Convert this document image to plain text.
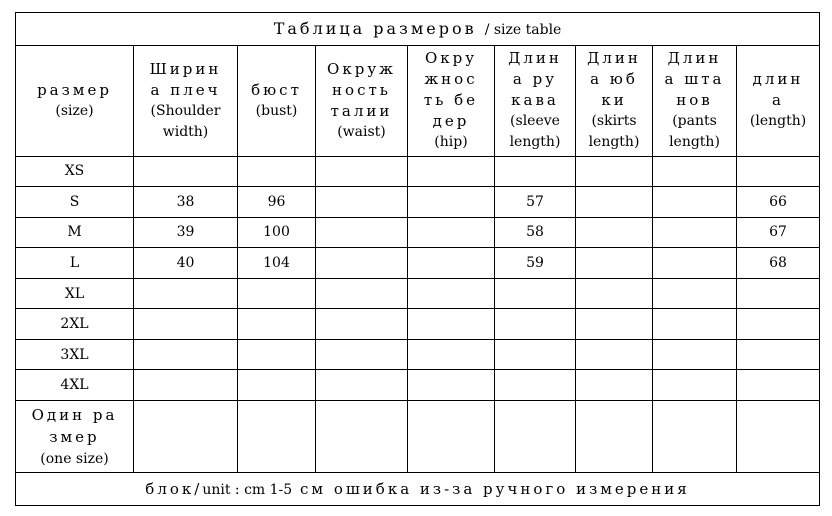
Таблица размеров / size table								

размер
(size)	Ширин
а плеч
(Shoulder
width)	бюст
(bust)	Окруж
ность
талии
(waist)	Окру
жнос
ть бе
дер
(hip)	Длин
а ру
кава
(sleeve
length)	Длин
а юб
ки
(skirts
length)	Длин
а шта
нов
(pants
length)	длин
а
(length)

XS								
S	38	96			57			66
M	39	100			58			67
L	40	104			59			68
XL								
2XL								
3XL								
4XL								

Один ра
змер
(one size)								

блок/unit : cm 1-5 см ошибка из-за ручного измерения								
